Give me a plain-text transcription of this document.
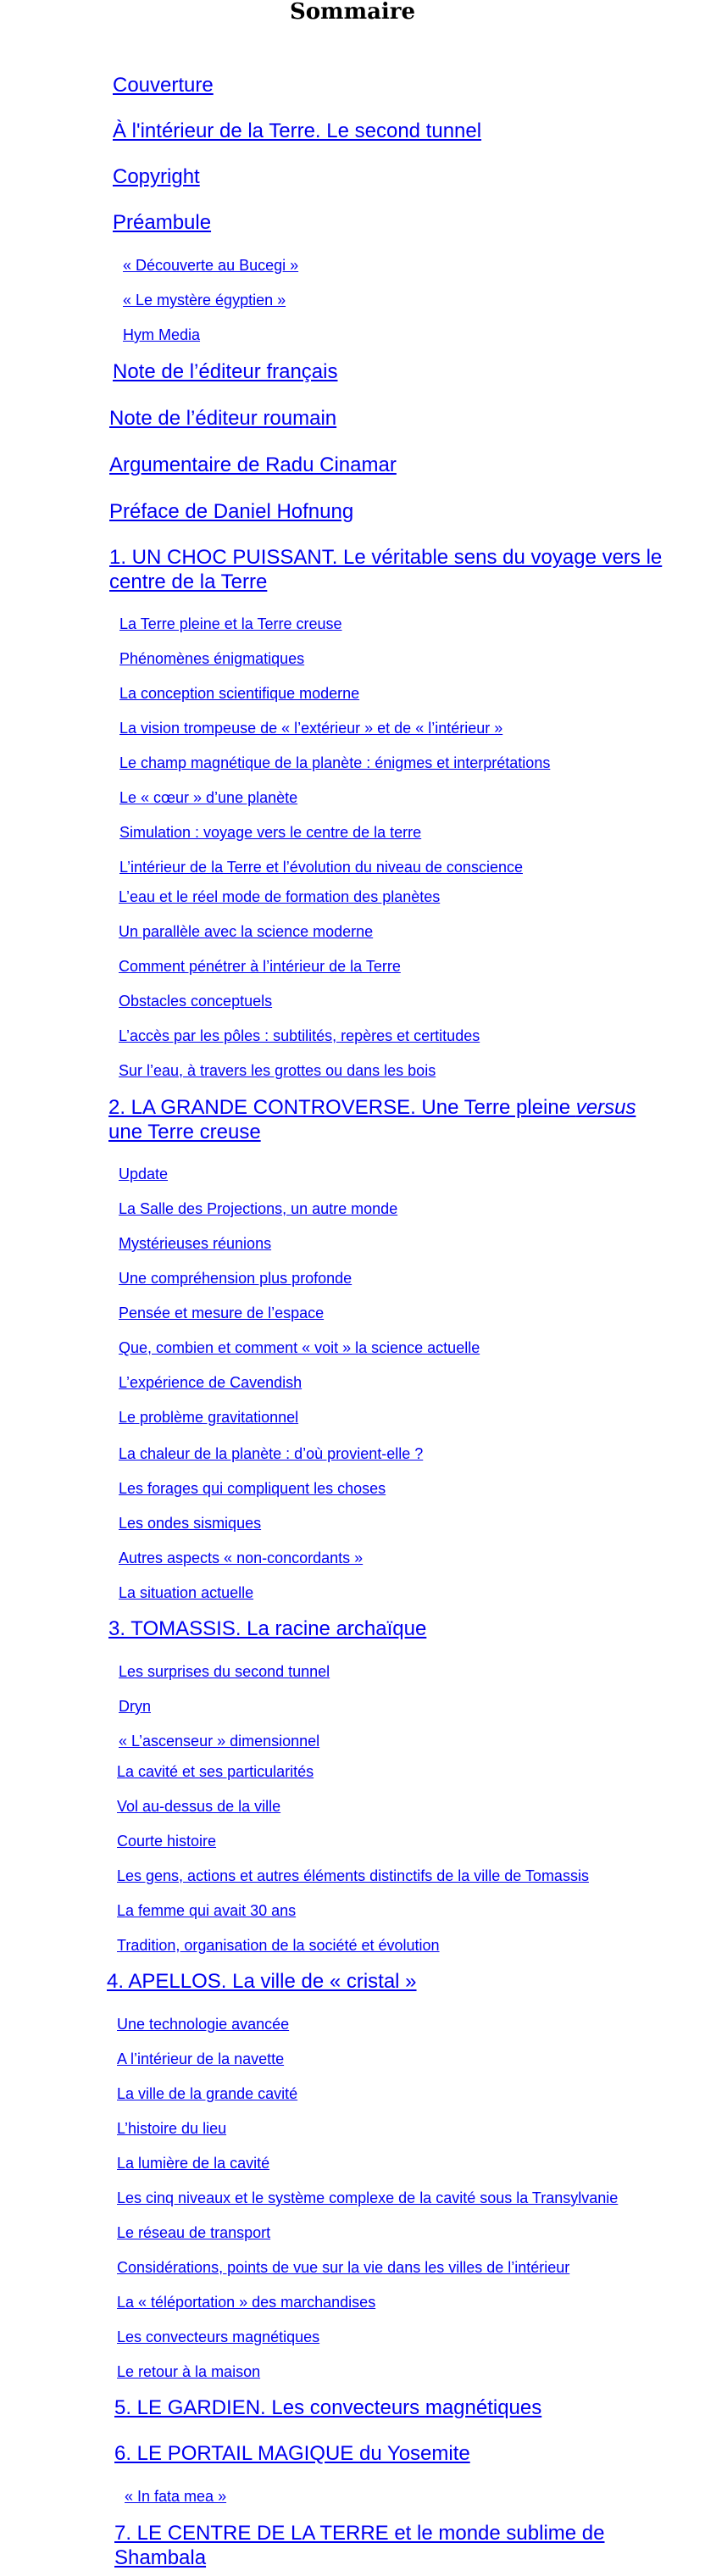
Sommaire
Couverture
À l'intérieur de la Terre. Le second tunnel
Copyright
Préambule
« Découverte au Bucegi »
« Le mystère égyptien »
Hym Media
Note de l’éditeur français
Note de l’éditeur roumain
Argumentaire de Radu Cinamar
Préface de Daniel Hofnung
1. UN CHOC PUISSANT. Le véritable sens du voyage vers le centre de la Terre
La Terre pleine et la Terre creuse
Phénomènes énigmatiques
La conception scientifique moderne
La vision trompeuse de « l’extérieur » et de « l’intérieur »
Le champ magnétique de la planète : énigmes et interprétations
Le « cœur » d’une planète
Simulation : voyage vers le centre de la terre
L’intérieur de la Terre et l’évolution du niveau de conscience
L’eau et le réel mode de formation des planètes
Un parallèle avec la science moderne
Comment pénétrer à l’intérieur de la Terre
Obstacles conceptuels
L’accès par les pôles : subtilités, repères et certitudes
Sur l’eau, à travers les grottes ou dans les bois
2. LA GRANDE CONTROVERSE. Une Terre pleine versus une Terre creuse
Update
La Salle des Projections, un autre monde
Mystérieuses réunions
Une compréhension plus profonde
Pensée et mesure de l’espace
Que, combien et comment « voit » la science actuelle
L’expérience de Cavendish
Le problème gravitationnel
La chaleur de la planète : d’où provient-elle ?
Les forages qui compliquent les choses
Les ondes sismiques
Autres aspects « non-concordants »
La situation actuelle
3. TOMASSIS. La racine archaïque
Les surprises du second tunnel
Dryn
« L’ascenseur » dimensionnel
La cavité et ses particularités
Vol au-dessus de la ville
Courte histoire
Les gens, actions et autres éléments distinctifs de la ville de Tomassis
La femme qui avait 30 ans
Tradition, organisation de la société et évolution
4. APELLOS. La ville de « cristal »
Une technologie avancée
A l’intérieur de la navette
La ville de la grande cavité
L’histoire du lieu
La lumière de la cavité
Les cinq niveaux et le système complexe de la cavité sous la Transylvanie
Le réseau de transport
Considérations, points de vue sur la vie dans les villes de l’intérieur
La « téléportation » des marchandises
Les convecteurs magnétiques
Le retour à la maison
5. LE GARDIEN. Les convecteurs magnétiques
6. LE PORTAIL MAGIQUE du Yosemite
« In fata mea »
7. LE CENTRE DE LA TERRE et le monde sublime de Shambala
